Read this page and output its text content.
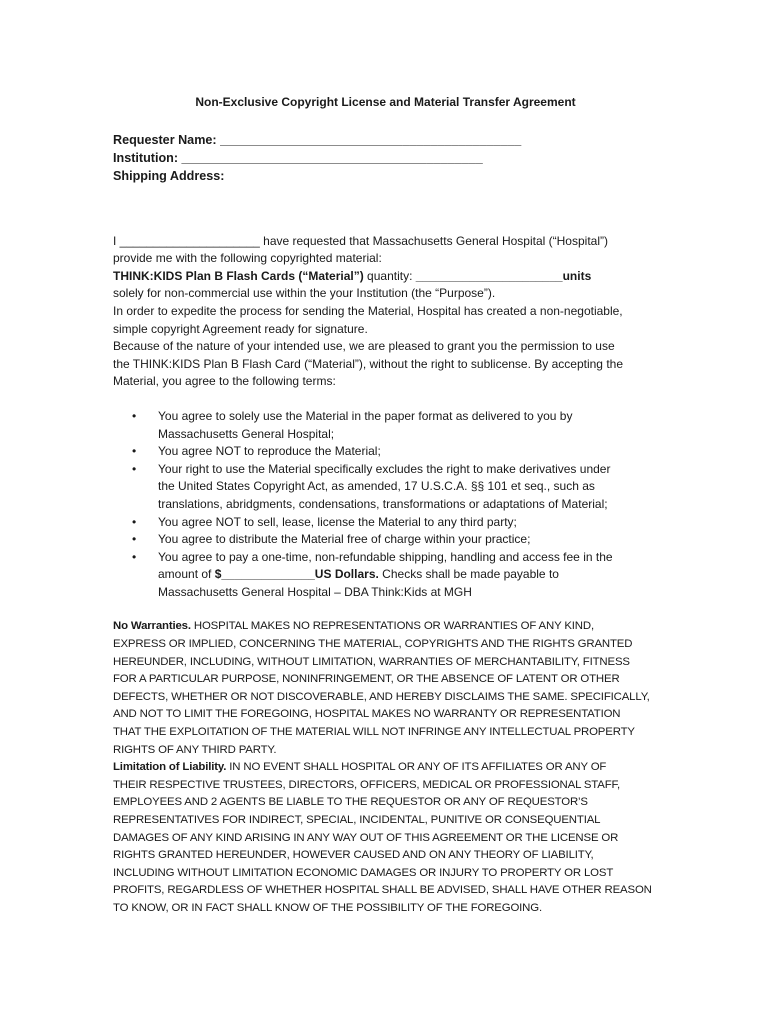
Non-Exclusive Copyright License and Material Transfer Agreement
Requester Name: ___________________________________________
Institution: ___________________________________________
Shipping Address:
I _____________________ have requested that Massachusetts General Hospital (“Hospital”)
provide me with the following copyrighted material:
THINK:KIDS Plan B Flash Cards (“Material”) quantity: ______________________units
solely for non-commercial use within the your Institution (the “Purpose”).
In order to expedite the process for sending the Material, Hospital has created a non-negotiable,
simple copyright Agreement ready for signature.
Because of the nature of your intended use, we are pleased to grant you the permission to use
the THINK:KIDS Plan B Flash Card (“Material”), without the right to sublicense. By accepting the
Material, you agree to the following terms:
• You agree to solely use the Material in the paper format as delivered to you by
Massachusetts General Hospital;
• You agree NOT to reproduce the Material;
• Your right to use the Material specifically excludes the right to make derivatives under
the United States Copyright Act, as amended, 17 U.S.C.A. §§ 101 et seq., such as
translations, abridgments, condensations, transformations or adaptations of Material;
• You agree NOT to sell, lease, license the Material to any third party;
• You agree to distribute the Material free of charge within your practice;
• You agree to pay a one-time, non-refundable shipping, handling and access fee in the
amount of $______________US Dollars. Checks shall be made payable to
Massachusetts General Hospital – DBA Think:Kids at MGH
No Warranties. HOSPITAL MAKES NO REPRESENTATIONS OR WARRANTIES OF ANY KIND,
EXPRESS OR IMPLIED, CONCERNING THE MATERIAL, COPYRIGHTS AND THE RIGHTS GRANTED
HEREUNDER, INCLUDING, WITHOUT LIMITATION, WARRANTIES OF MERCHANTABILITY, FITNESS
FOR A PARTICULAR PURPOSE, NONINFRINGEMENT, OR THE ABSENCE OF LATENT OR OTHER
DEFECTS, WHETHER OR NOT DISCOVERABLE, AND HEREBY DISCLAIMS THE SAME. SPECIFICALLY,
AND NOT TO LIMIT THE FOREGOING, HOSPITAL MAKES NO WARRANTY OR REPRESENTATION
THAT THE EXPLOITATION OF THE MATERIAL WILL NOT INFRINGE ANY INTELLECTUAL PROPERTY
RIGHTS OF ANY THIRD PARTY.
Limitation of Liability. IN NO EVENT SHALL HOSPITAL OR ANY OF ITS AFFILIATES OR ANY OF
THEIR RESPECTIVE TRUSTEES, DIRECTORS, OFFICERS, MEDICAL OR PROFESSIONAL STAFF,
EMPLOYEES AND 2 AGENTS BE LIABLE TO THE REQUESTOR OR ANY OF REQUESTOR’S
REPRESENTATIVES FOR INDIRECT, SPECIAL, INCIDENTAL, PUNITIVE OR CONSEQUENTIAL
DAMAGES OF ANY KIND ARISING IN ANY WAY OUT OF THIS AGREEMENT OR THE LICENSE OR
RIGHTS GRANTED HEREUNDER, HOWEVER CAUSED AND ON ANY THEORY OF LIABILITY,
INCLUDING WITHOUT LIMITATION ECONOMIC DAMAGES OR INJURY TO PROPERTY OR LOST
PROFITS, REGARDLESS OF WHETHER HOSPITAL SHALL BE ADVISED, SHALL HAVE OTHER REASON
TO KNOW, OR IN FACT SHALL KNOW OF THE POSSIBILITY OF THE FOREGOING.
